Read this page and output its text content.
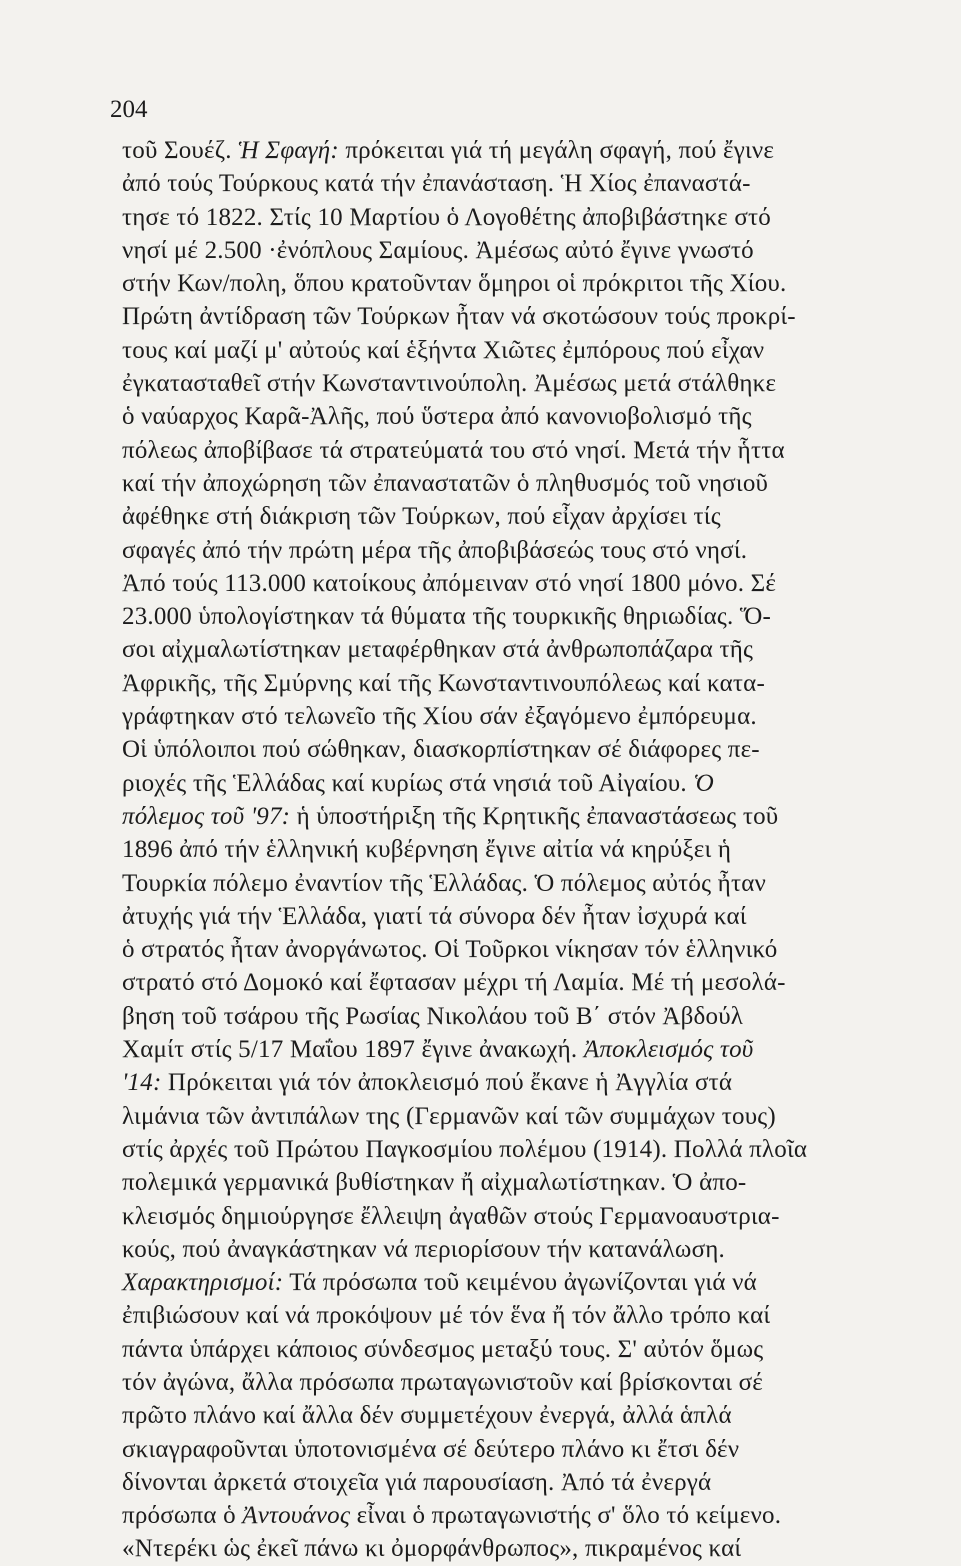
204
τοῦ Σουέζ. Ἡ Σφαγή: πρόκειται γιά τή μεγάλη σφαγή, πού ἔγινε
ἀπό τούς Τούρκους κατά τήν ἐπανάσταση. Ἡ Χίος ἐπαναστά-
τησε τό 1822. Στίς 10 Μαρτίου ὁ Λογοθέτης ἀποβιβάστηκε στό
νησί μέ 2.500 ·ἐνόπλους Σαμίους. Ἀμέσως αὐτό ἔγινε γνωστό
στήν Κων/πολη, ὅπου κρατοῦνταν ὅμηροι οἱ πρόκριτοι τῆς Χίου.
Πρώτη ἀντίδραση τῶν Τούρκων ἦταν νά σκοτώσουν τούς προκρί-
τους καί μαζί μ' αὐτούς καί ἑξήντα Χιῶτες ἐμπόρους πού εἶχαν
ἐγκατασταθεῖ στήν Κωνσταντινούπολη. Ἀμέσως μετά στάλθηκε
ὁ ναύαρχος Καρᾶ-Ἀλῆς, πού ὕστερα ἀπό κανονιοβολισμό τῆς
πόλεως ἀποβίβασε τά στρατεύματά του στό νησί. Μετά τήν ἧττα
καί τήν ἀποχώρηση τῶν ἐπαναστατῶν ὁ πληθυσμός τοῦ νησιοῦ
ἀφέθηκε στή διάκριση τῶν Τούρκων, πού εἶχαν ἀρχίσει τίς
σφαγές ἀπό τήν πρώτη μέρα τῆς ἀποβιβάσεώς τους στό νησί.
Ἀπό τούς 113.000 κατοίκους ἀπόμειναν στό νησί 1800 μόνο. Σέ
23.000 ὑπολογίστηκαν τά θύματα τῆς τουρκικῆς θηριωδίας. Ὅ-
σοι αἰχμαλωτίστηκαν μεταφέρθηκαν στά ἀνθρωποπάζαρα τῆς
Ἀφρικῆς, τῆς Σμύρνης καί τῆς Κωνσταντινουπόλεως καί κατα-
γράφτηκαν στό τελωνεῖο τῆς Χίου σάν ἐξαγόμενο ἐμπόρευμα.
Οἱ ὑπόλοιποι πού σώθηκαν, διασκορπίστηκαν σέ διάφορες πε-
ριοχές τῆς Ἑλλάδας καί κυρίως στά νησιά τοῦ Αἰγαίου. Ὁ
πόλεμος τοῦ '97: ἡ ὑποστήριξη τῆς Κρητικῆς ἐπαναστάσεως τοῦ
1896 ἀπό τήν ἑλληνική κυβέρνηση ἔγινε αἰτία νά κηρύξει ἡ
Τουρκία πόλεμο ἐναντίον τῆς Ἑλλάδας. Ὁ πόλεμος αὐτός ἦταν
ἀτυχής γιά τήν Ἑλλάδα, γιατί τά σύνορα δέν ἦταν ἰσχυρά καί
ὁ στρατός ἦταν ἀνοργάνωτος. Οἱ Τοῦρκοι νίκησαν τόν ἑλληνικό
στρατό στό Δομοκό καί ἔφτασαν μέχρι τή Λαμία. Μέ τή μεσολά-
βηση τοῦ τσάρου τῆς Ρωσίας Νικολάου τοῦ Β΄ στόν Ἀβδούλ
Χαμίτ στίς 5/17 Μαΐου 1897 ἔγινε ἀνακωχή. Ἀποκλεισμός τοῦ
'14: Πρόκειται γιά τόν ἀποκλεισμό πού ἔκανε ἡ Ἀγγλία στά
λιμάνια τῶν ἀντιπάλων της (Γερμανῶν καί τῶν συμμάχων τους)
στίς ἀρχές τοῦ Πρώτου Παγκοσμίου πολέμου (1914). Πολλά πλοῖα
πολεμικά γερμανικά βυθίστηκαν ἤ αἰχμαλωτίστηκαν. Ὁ ἀπο-
κλεισμός δημιούργησε ἔλλειψη ἀγαθῶν στούς Γερμανοαυστρια-
κούς, πού ἀναγκάστηκαν νά περιορίσουν τήν κατανάλωση.
Χαρακτηρισμοί: Τά πρόσωπα τοῦ κειμένου ἀγωνίζονται γιά νά
ἐπιβιώσουν καί νά προκόψουν μέ τόν ἕνα ἤ τόν ἄλλο τρόπο καί
πάντα ὑπάρχει κάποιος σύνδεσμος μεταξύ τους. Σ' αὐτόν ὅμως
τόν ἀγώνα, ἄλλα πρόσωπα πρωταγωνιστοῦν καί βρίσκονται σέ
πρῶτο πλάνο καί ἄλλα δέν συμμετέχουν ἐνεργά, ἀλλά ἁπλά
σκιαγραφοῦνται ὑποτονισμένα σέ δεύτερο πλάνο κι ἔτσι δέν
δίνονται ἀρκετά στοιχεῖα γιά παρουσίαση. Ἀπό τά ἐνεργά
πρόσωπα ὁ Ἀντουάνος εἶναι ὁ πρωταγωνιστής σ' ὅλο τό κείμενο.
«Ντερέκι ὡς ἐκεῖ πάνω κι ὀμορφάνθρωπος», πικραμένος καί
